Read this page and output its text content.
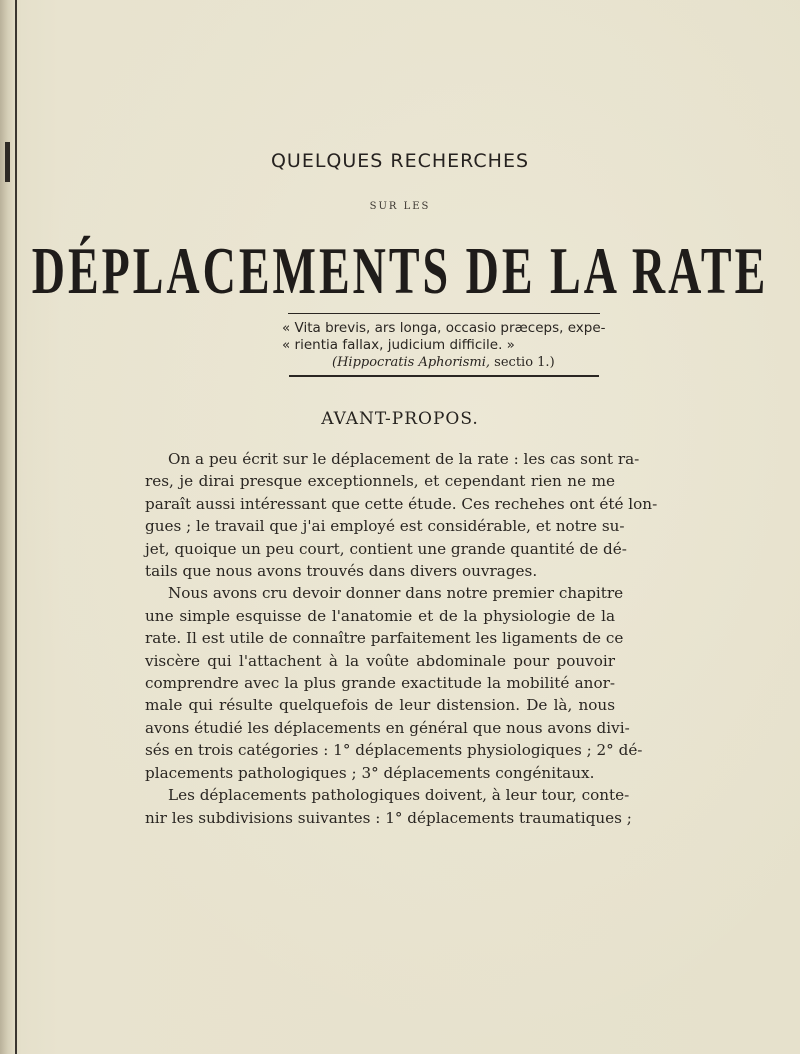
QUELQUES RECHERCHES
SUR LES
DÉPLACEMENTS DE LA RATE
« Vita brevis, ars longa, occasio præceps, expe-
« rientia fallax, judicium difficile. »
(Hippocratis Aphorismi, sectio 1.)
AVANT-PROPOS.
On a peu écrit sur le déplacement de la rate : les cas sont ra-
res, je dirai presque exceptionnels, et cependant rien ne me
paraît aussi intéressant que cette étude. Ces rechehes ont été lon-
gues ; le travail que j'ai employé est considérable, et notre su-
jet, quoique un peu court, contient une grande quantité de dé-
tails que nous avons trouvés dans divers ouvrages.
Nous avons cru devoir donner dans notre premier chapitre
une simple esquisse de l'anatomie et de la physiologie de la
rate. Il est utile de connaître parfaitement les ligaments de ce
viscère qui l'attachent à la voûte abdominale pour pouvoir
comprendre avec la plus grande exactitude la mobilité anor-
male qui résulte quelquefois de leur distension. De là, nous
avons étudié les déplacements en général que nous avons divi-
sés en trois catégories : 1° déplacements physiologiques ; 2° dé-
placements pathologiques ; 3° déplacements congénitaux.
Les déplacements pathologiques doivent, à leur tour, conte-
nir les subdivisions suivantes : 1° déplacements traumatiques ;
